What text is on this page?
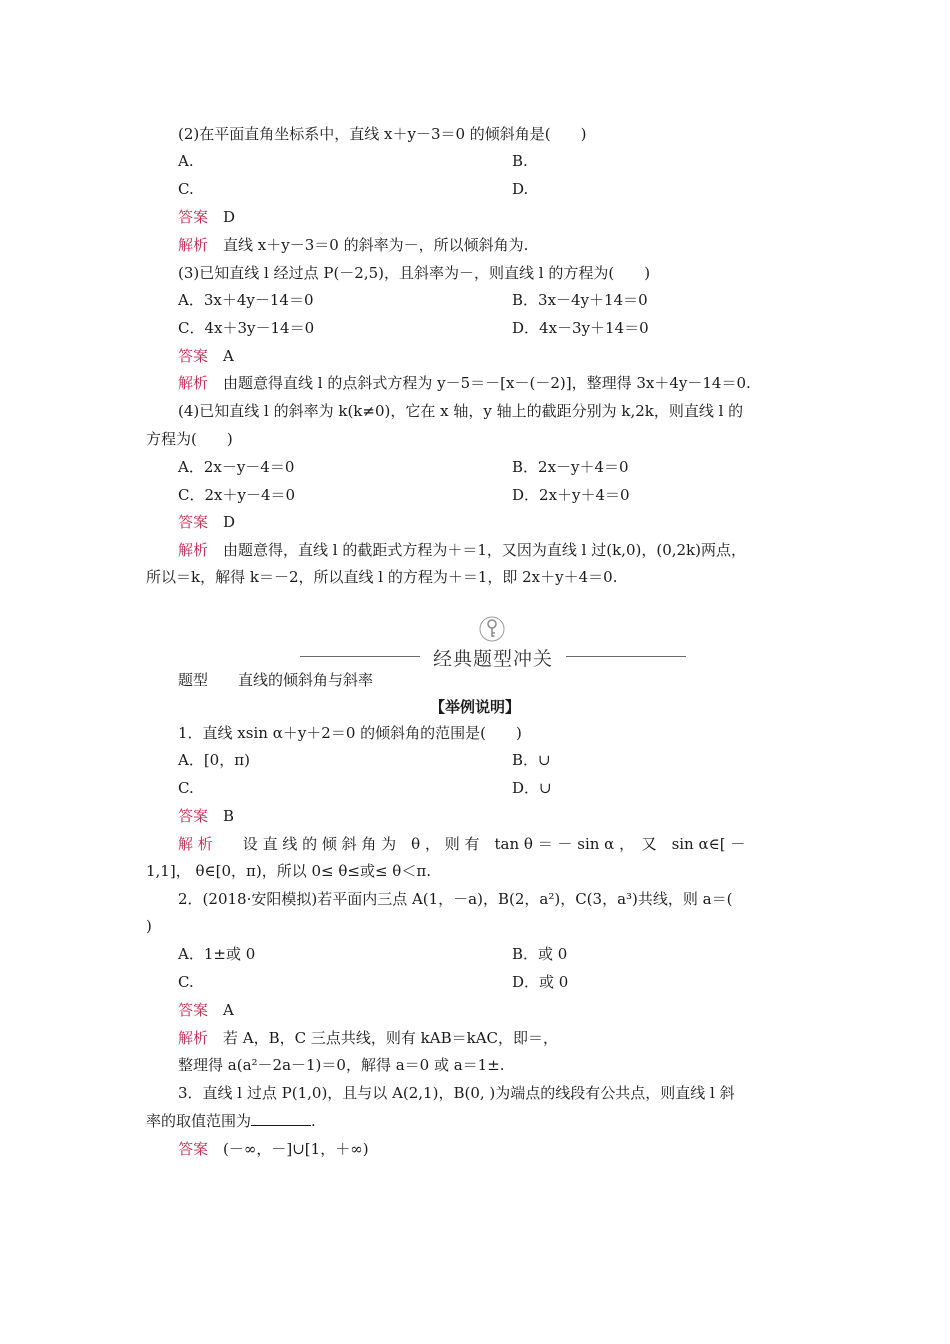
(2)在平面直角坐标系中，直线 x＋y－3＝0 的倾斜角是(　　)
A.	B.
C.	D.
答案　 D
解析　 直线 x＋y－3＝0 的斜率为－，所以倾斜角为.
(3)已知直线 l 经过点 P(－2,5)，且斜率为－，则直线 l 的方程为(　　)
A．3x＋4y－14＝0	B．3x－4y＋14＝0
C．4x＋3y－14＝0	D．4x－3y＋14＝0
答案　 A
解析　 由题意得直线 l 的点斜式方程为 y－5＝－[x－(－2)]，整理得 3x＋4y－14＝0.
(4)已知直线 l 的斜率为 k(k≠0)，它在 x 轴，y 轴上的截距分别为 k,2k，则直线 l 的
方程为(　　)
A．2x－y－4＝0	B．2x－y＋4＝0
C．2x＋y－4＝0	D．2x＋y＋4＝0
答案　 D
解析　 由题意得，直线 l 的截距式方程为＋＝1，又因为直线 l 过(k,0)，(0,2k)两点，
所以＝k，解得 k＝－2，所以直线 l 的方程为＋＝1，即 2x＋y＋4＝0.
经典题型冲关
题型　　 直线的倾斜角与斜率
【举例说明】
1．直线 xsin α＋y＋2＝0 的倾斜角的范围是(　　)
A．[0，π)	B．∪
C.	D．∪
答案　 B
解 析　　 设 直 线 的 倾 斜 角 为　θ ， 则 有　tan θ ＝ － sin α ，　又　sin α∈[ －
1,1]， θ∈[0，π)，所以 0≤ θ≤或≤ θ＜π.
2．(2018·安阳模拟)若平面内三点 A(1，－a)，B(2，a²)，C(3，a³)共线，则 a＝(
)
A．1±或 0	B．或 0
C.	D．或 0
答案　 A
解析　 若 A，B，C 三点共线，则有 kAB＝kAC，即＝，
整理得 a(a²－2a－1)＝0，解得 a＝0 或 a＝1±.
3．直线 l 过点 P(1,0)，且与以 A(2,1)，B(0, )为端点的线段有公共点，则直线 l 斜
率的取值范围为	.
答案　 (－∞，－]∪[1，＋∞)
